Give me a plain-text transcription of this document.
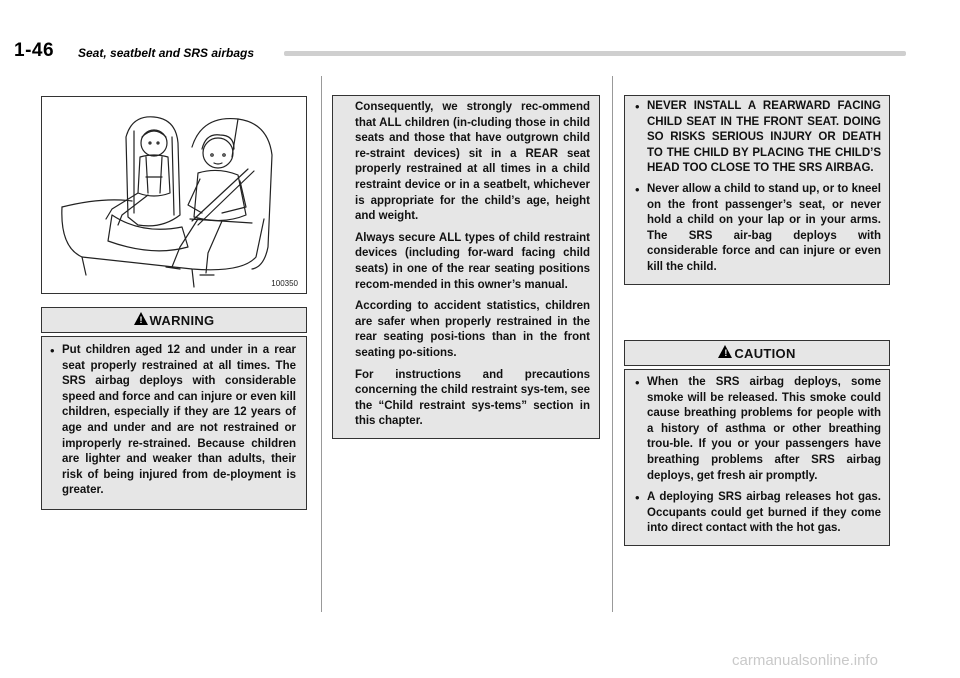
1-46 Seat, seatbelt and SRS airbags
100350
! WARNING
• Put children aged 12 and under in a rear seat properly restrained at all times. The SRS airbag deploys with considerable speed and force and can injure or even kill children, especially if they are 12 years of age and under and are not restrained or improperly re-strained. Because children are lighter and weaker than adults, their risk of being injured from de-ployment is greater.

Consequently, we strongly rec-ommend that ALL children (in-cluding those in child seats and those that have outgrown child re-straint devices) sit in a REAR seat properly restrained at all times in a child restraint device or in a seatbelt, whichever is appropriate for the child’s age, height and weight.

Always secure ALL types of child restraint devices (including for-ward facing child seats) in one of the rear seating positions recom-mended in this owner’s manual.

According to accident statistics, children are safer when properly restrained in the rear seating posi-tions than in the front seating po-sitions.

For instructions and precautions concerning the child restraint sys-tem, see the “Child restraint sys-tems” section in this chapter.

• NEVER INSTALL A REARWARD FACING CHILD SEAT IN THE FRONT SEAT. DOING SO RISKS SERIOUS INJURY OR DEATH TO THE CHILD BY PLACING THE CHILD’S HEAD TOO CLOSE TO THE SRS AIRBAG.

• Never allow a child to stand up, or to kneel on the front passenger’s seat, or never hold a child on your lap or in your arms. The SRS air-bag deploys with considerable force and can injure or even kill the child.

! CAUTION
• When the SRS airbag deploys, some smoke will be released. This smoke could cause breathing problems for people with a history of asthma or other breathing trou-ble. If you or your passengers have breathing problems after SRS airbag deploys, get fresh air promptly.

• A deploying SRS airbag releases hot gas. Occupants could get burned if they come into direct contact with the hot gas.

carmanualsonline.info
